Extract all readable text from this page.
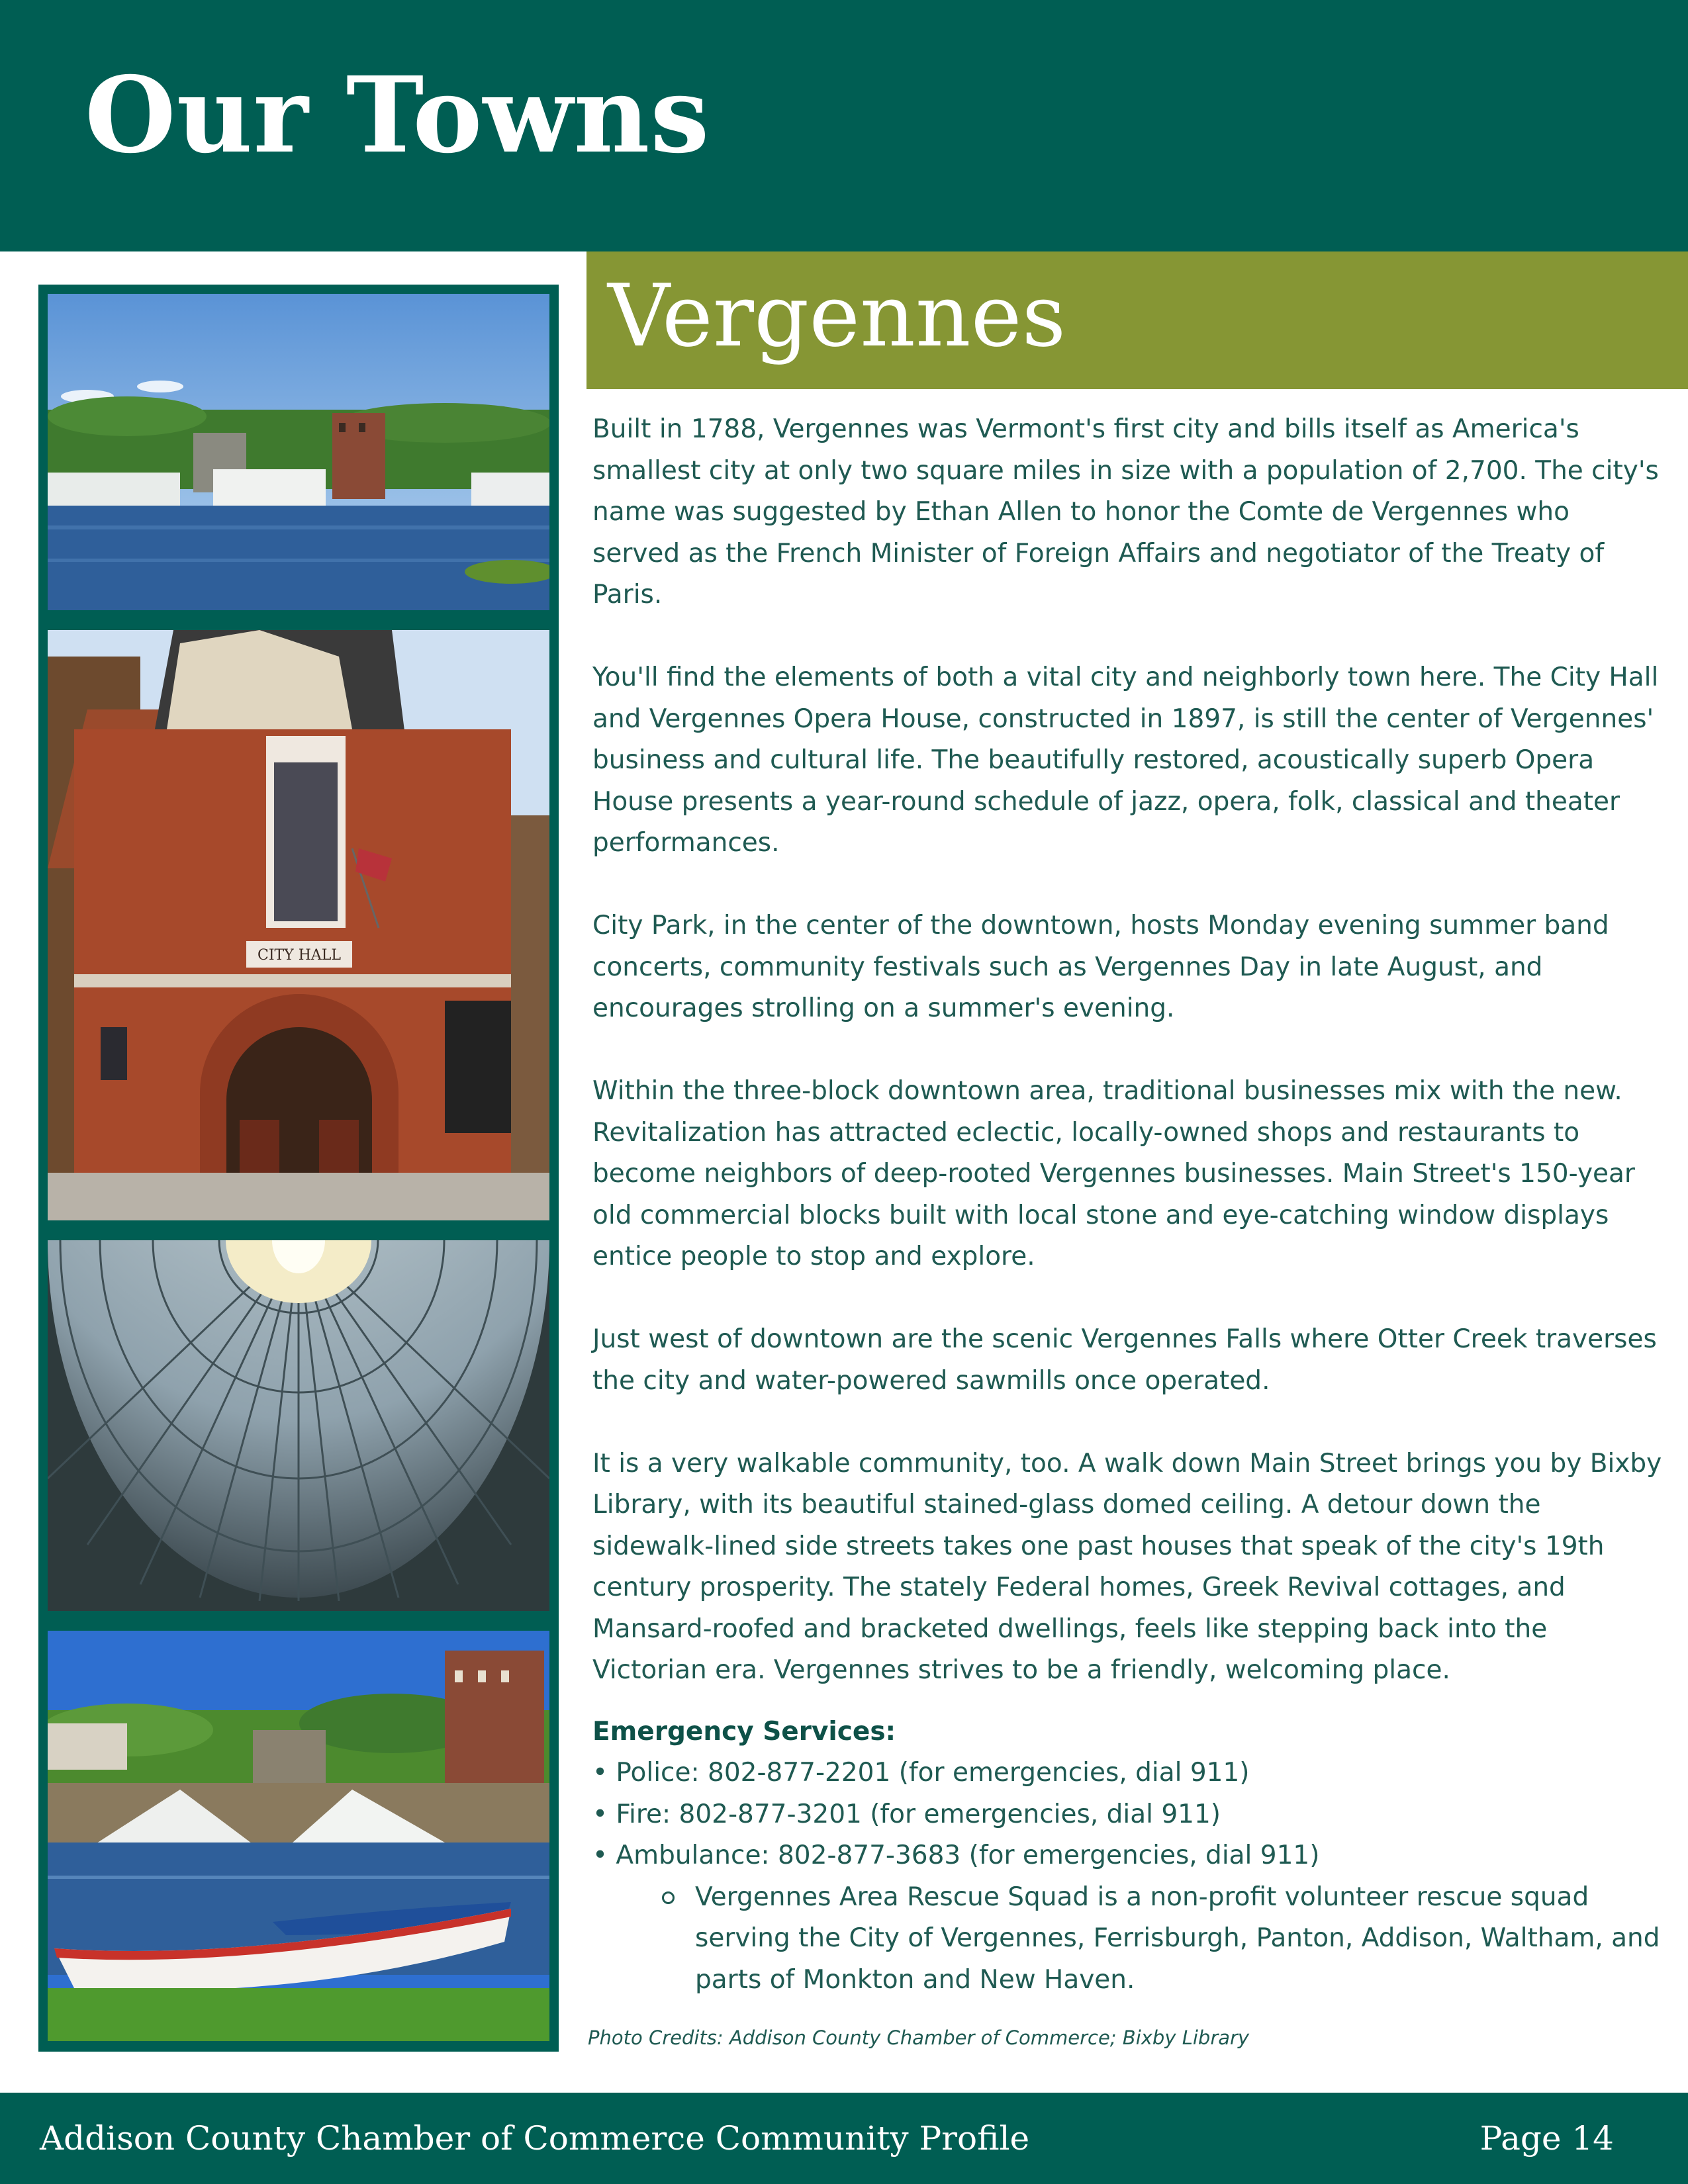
Our Towns
CITY HALL
Vergennes

Built in 1788, Vergennes was Vermont's first city and bills itself as America's smallest city at only two square miles in size with a population of 2,700. The city's name was suggested by Ethan Allen to honor the Comte de Vergennes who served as the French Minister of Foreign Affairs and negotiator of the Treaty of Paris.

You'll find the elements of both a vital city and neighborly town here. The City Hall and Vergennes Opera House, constructed in 1897, is still the center of Vergennes' business and cultural life. The beautifully restored, acoustically superb Opera House presents a year-round schedule of jazz, opera, folk, classical and theater performances.

City Park, in the center of the downtown, hosts Monday evening summer band concerts, community festivals such as Vergennes Day in late August, and encourages strolling on a summer's evening.

Within the three-block downtown area, traditional businesses mix with the new. Revitalization has attracted eclectic, locally-owned shops and restaurants to become neighbors of deep-rooted Vergennes businesses. Main Street's 150-year old commercial blocks built with local stone and eye-catching window displays entice people to stop and explore.

Just west of downtown are the scenic Vergennes Falls where Otter Creek traverses the city and water-powered sawmills once operated.

It is a very walkable community, too. A walk down Main Street brings you by Bixby Library, with its beautiful stained-glass domed ceiling. A detour down the sidewalk-lined side streets takes one past houses that speak of the city's 19th century prosperity. The stately Federal homes, Greek Revival cottages, and Mansard-roofed and bracketed dwellings, feels like stepping back into the Victorian era. Vergennes strives to be a friendly, welcoming place.

Emergency Services:
• Police: 802-877-2201 (for emergencies, dial 911)
• Fire: 802-877-3201 (for emergencies, dial 911)
• Ambulance: 802-877-3683 (for emergencies, dial 911)
Vergennes Area Rescue Squad is a non-profit volunteer rescue squad serving the City of Vergennes, Ferrisburgh, Panton, Addison, Waltham, and parts of Monkton and New Haven.
Photo Credits: Addison County Chamber of Commerce; Bixby Library
Addison County Chamber of Commerce Community Profile	Page 14
